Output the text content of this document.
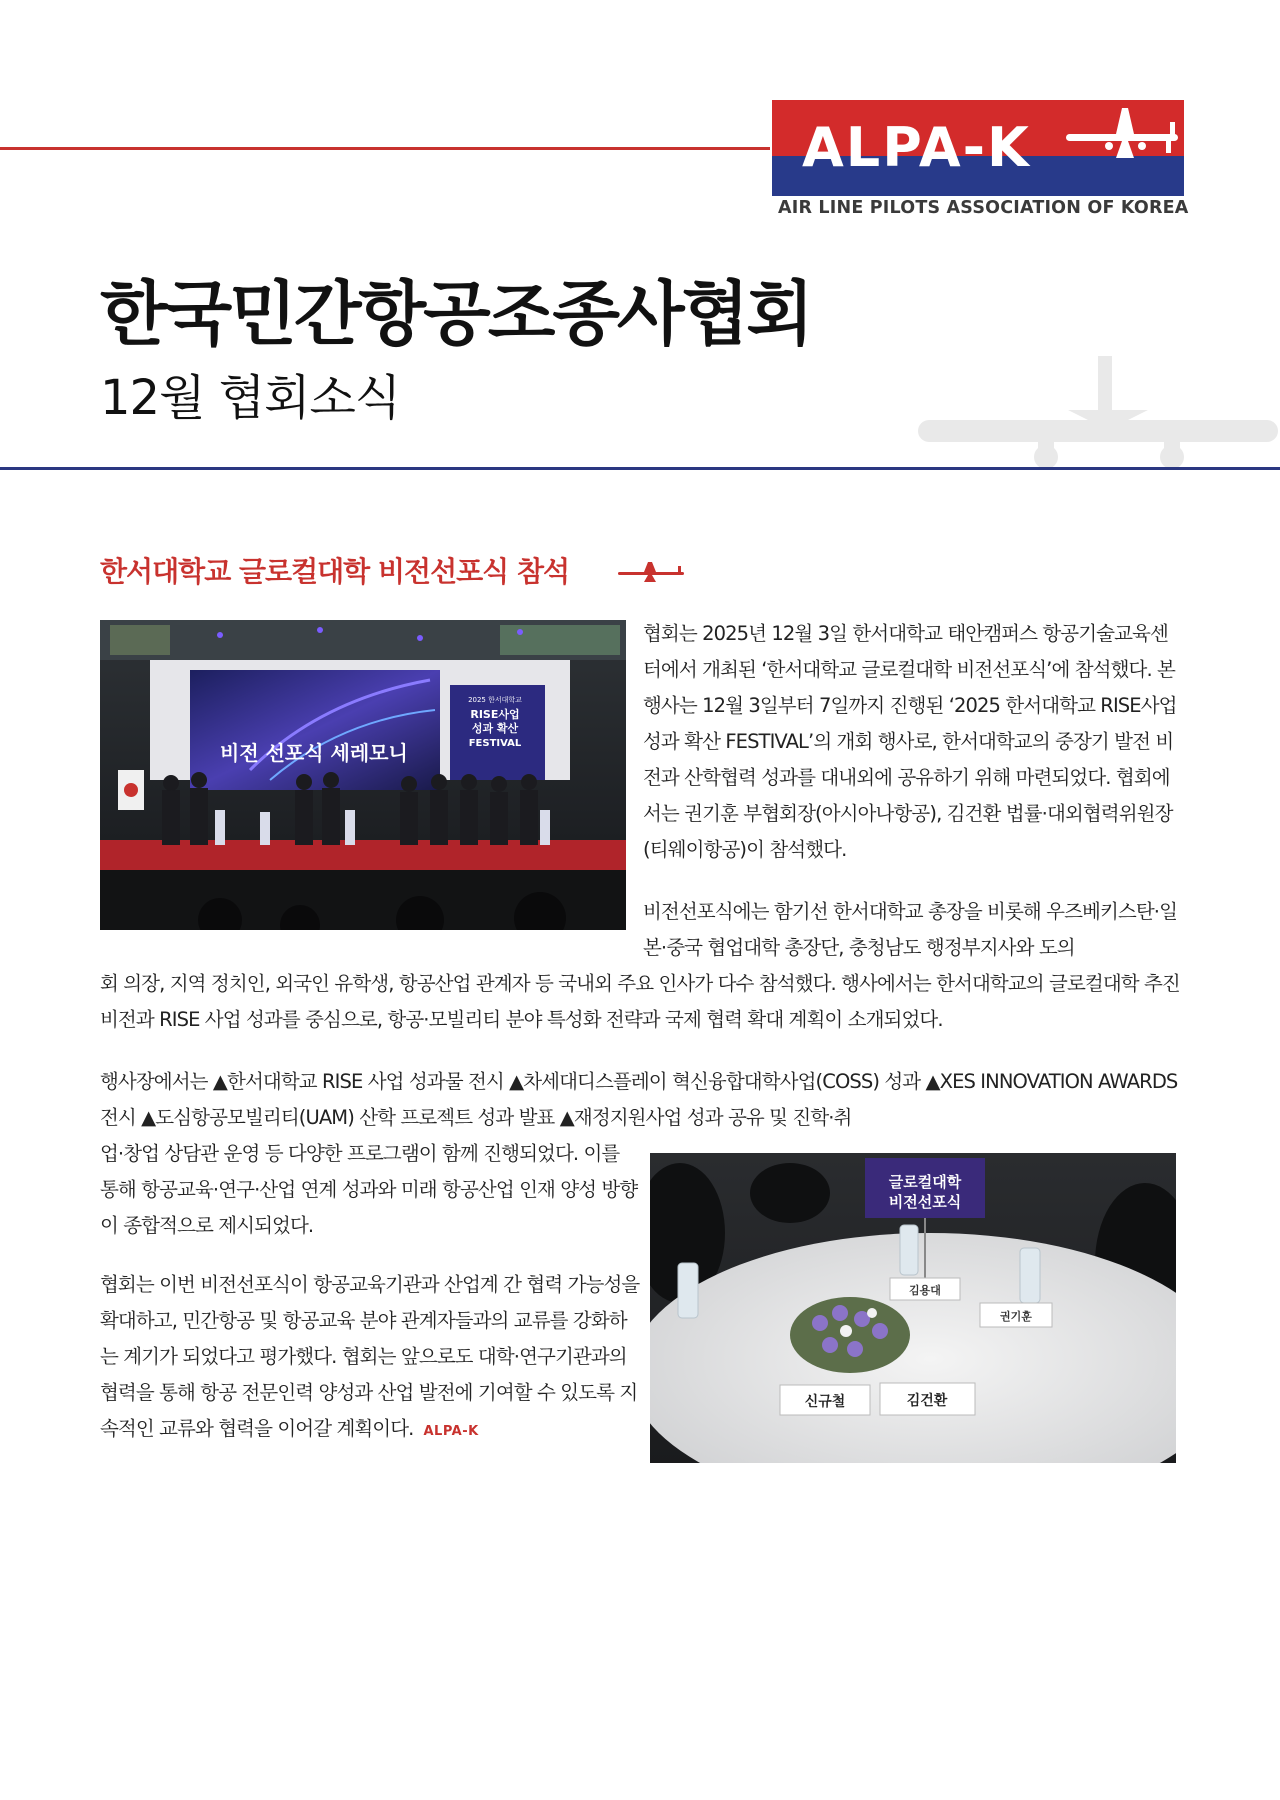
ALPA-K
AIR LINE PILOTS ASSOCIATION OF KOREA
한국민간항공조종사협회
12월 협회소식
한서대학교 글로컬대학 비전선포식 참석
비전 선포식 세레모니
2025 한서대학교
RISE사업
성과 확산
FESTIVAL

협회는 2025년 12월 3일 한서대학교 태안캠퍼스 항공기술교육센터에서 개최된 ‘한서대학교 글로컬대학 비전선포식’에 참석했다. 본 행사는 12월 3일부터 7일까지 진행된 ‘2025 한서대학교 RISE사업 성과 확산 FESTIVAL’의 개회 행사로, 한서대학교의 중장기 발전 비전과 산학협력 성과를 대내외에 공유하기 위해 마련되었다. 협회에서는 권기훈 부협회장(아시아나항공), 김건환 법률·대외협력위원장(티웨이항공)이 참석했다.

비전선포식에는 함기선 한서대학교 총장을 비롯해 우즈베키스탄·일본·중국 협업대학 총장단, 충청남도 행정부지사와 도의

회 의장, 지역 정치인, 외국인 유학생, 항공산업 관계자 등 국내외 주요 인사가 다수 참석했다. 행사에서는 한서대학교의 글로컬대학 추진 비전과 RISE 사업 성과를 중심으로, 항공·모빌리티 분야 특성화 전략과 국제 협력 확대 계획이 소개되었다.

행사장에서는 ▲한서대학교 RISE 사업 성과물 전시 ▲차세대디스플레이 혁신융합대학사업(COSS) 성과 ▲XES INNOVATION AWARDS 전시 ▲도심항공모빌리티(UAM) 산학 프로젝트 성과 발표 ▲재정지원사업 성과 공유 및 진학·취

업·창업 상담관 운영 등 다양한 프로그램이 함께 진행되었다. 이를 통해 항공교육·연구·산업 연계 성과와 미래 항공산업 인재 양성 방향이 종합적으로 제시되었다.

협회는 이번 비전선포식이 항공교육기관과 산업계 간 협력 가능성을 확대하고, 민간항공 및 항공교육 분야 관계자들과의 교류를 강화하는 계기가 되었다고 평가했다. 협회는 앞으로도 대학·연구기관과의 협력을 통해 항공 전문인력 양성과 산업 발전에 기여할 수 있도록 지속적인 교류와 협력을 이어갈 계획이다. ALPA-K

글로컬대학
비전선포식
김용대
권기훈
신규철	김건환
